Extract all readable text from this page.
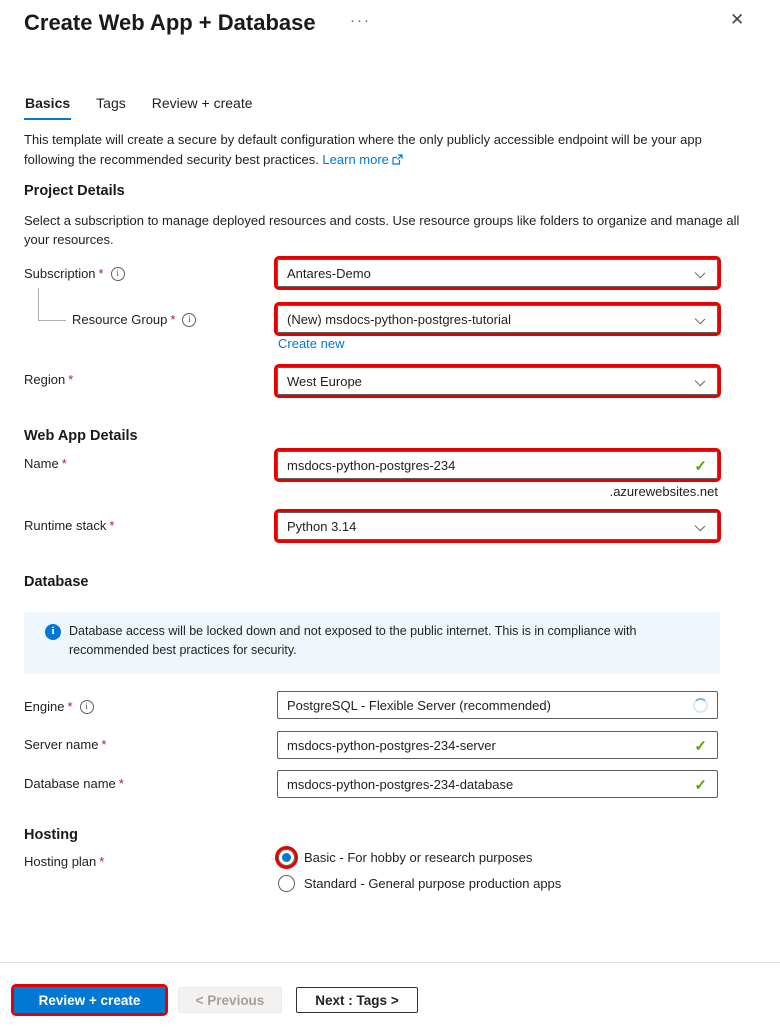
Create Web App + Database ···	✕
Basics Tags Review + create

This template will create a secure by default configuration where the only publicly accessible endpoint will be your app following the recommended security best practices. Learn more

Project Details

Select a subscription to manage deployed resources and costs. Use resource groups like folders to organize and manage all your resources.

Subscription * i	Antares-Demo
Resource Group * i	(New) msdocs-python-postgres-tutorial
Create new
Region *	West Europe
Web App Details
Name *
msdocs-python-postgres-234	✓
.azurewebsites.net
Runtime stack *	Python 3.14
Database
i
Database access will be locked down and not exposed to the public internet. This is in compliance with recommended best practices for security.
Engine * i	PostgreSQL - Flexible Server (recommended)
Server name *
msdocs-python-postgres-234-server	✓
Database name *
msdocs-python-postgres-234-database	✓
Hosting
Hosting plan *	Basic - For hobby or research purposes
Standard - General purpose production apps
Review + create	< Previous	Next : Tags >
